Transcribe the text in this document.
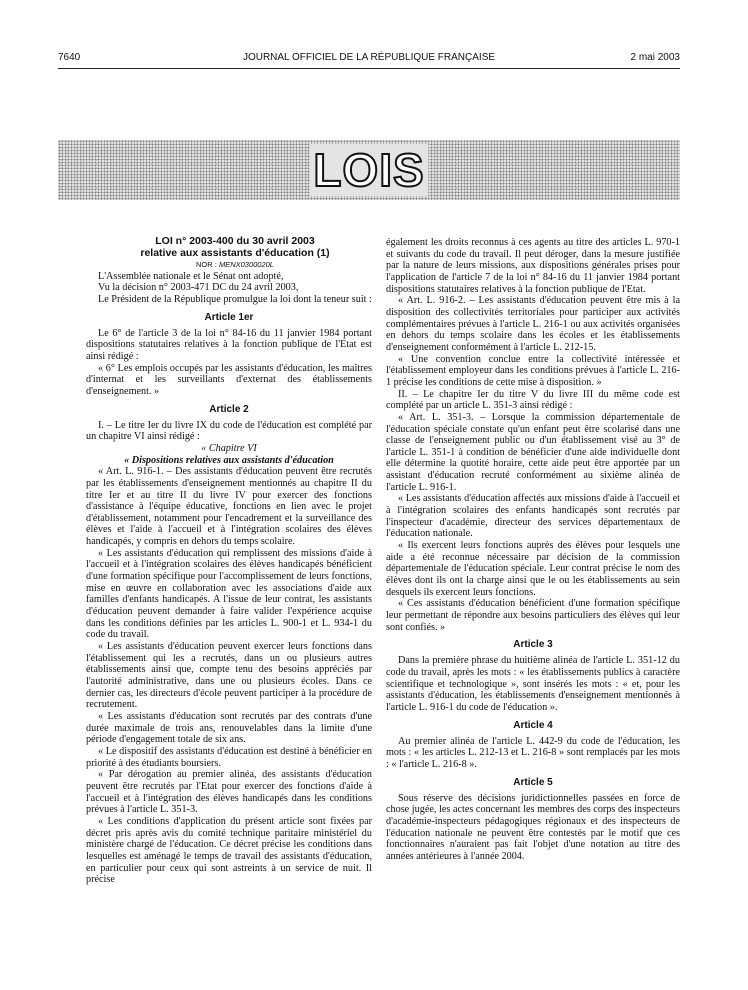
7640	JOURNAL OFFICIEL DE LA RÉPUBLIQUE FRANÇAISE	2 mai 2003
LOIS

LOI n° 2003-400 du 30 avril 2003

relative aux assistants d'éducation (1)

NOR : MENX0300020L

L'Assemblée nationale et le Sénat ont adopté,

Vu la décision n° 2003-471 DC du 24 avril 2003,

Le Président de la République promulgue la loi dont la teneur suit :

Article 1er

Le 6° de l'article 3 de la loi n° 84-16 du 11 janvier 1984 portant dispositions statutaires relatives à la fonction publique de l'Etat est ainsi rédigé :

« 6° Les emplois occupés par les assistants d'éducation, les maîtres d'internat et les surveillants d'externat des établissements d'enseignement. »

Article 2

I. – Le titre Ier du livre IX du code de l'éducation est complété par un chapitre VI ainsi rédigé :

« Chapitre VI

« Dispositions relatives aux assistants d'éducation

« Art. L. 916-1. – Des assistants d'éducation peuvent être recrutés par les établissements d'enseignement mentionnés au chapitre II du titre Ier et au titre II du livre IV pour exercer des fonctions d'assistance à l'équipe éducative, fonctions en lien avec le projet d'établissement, notamment pour l'encadrement et la surveillance des élèves et l'aide à l'accueil et à l'intégration scolaires des élèves handicapés, y compris en dehors du temps scolaire.

« Les assistants d'éducation qui remplissent des missions d'aide à l'accueil et à l'intégration scolaires des élèves handicapés bénéficient d'une formation spécifique pour l'accomplissement de leurs fonctions, mise en œuvre en collaboration avec les associations d'aide aux familles d'enfants handicapés. A l'issue de leur contrat, les assistants d'éducation peuvent demander à faire valider l'expérience acquise dans les conditions définies par les articles L. 900-1 et L. 934-1 du code du travail.

« Les assistants d'éducation peuvent exercer leurs fonctions dans l'établissement qui les a recrutés, dans un ou plusieurs autres établissements ainsi que, compte tenu des besoins appréciés par l'autorité administrative, dans une ou plusieurs écoles. Dans ce dernier cas, les directeurs d'école peuvent participer à la procédure de recrutement.

« Les assistants d'éducation sont recrutés par des contrats d'une durée maximale de trois ans, renouvelables dans la limite d'une période d'engagement totale de six ans.

« Le dispositif des assistants d'éducation est destiné à bénéficier en priorité à des étudiants boursiers.

« Par dérogation au premier alinéa, des assistants d'éducation peuvent être recrutés par l'Etat pour exercer des fonctions d'aide à l'accueil et à l'intégration des élèves handicapés dans les conditions prévues à l'article L. 351-3.

« Les conditions d'application du présent article sont fixées par décret pris après avis du comité technique paritaire ministériel du ministère chargé de l'éducation. Ce décret précise les conditions dans lesquelles est aménagé le temps de travail des assistants d'éducation, en particulier pour ceux qui sont astreints à un service de nuit. Il précise

également les droits reconnus à ces agents au titre des articles L. 970-1 et suivants du code du travail. Il peut déroger, dans la mesure justifiée par la nature de leurs missions, aux dispositions générales prises pour l'application de l'article 7 de la loi n° 84-16 du 11 janvier 1984 portant dispositions statutaires relatives à la fonction publique de l'Etat.

« Art. L. 916-2. – Les assistants d'éducation peuvent être mis à la disposition des collectivités territoriales pour participer aux activités complémentaires prévues à l'article L. 216-1 ou aux activités organisées en dehors du temps scolaire dans les écoles et les établissements d'enseignement conformément à l'article L. 212-15.

« Une convention conclue entre la collectivité intéressée et l'établissement employeur dans les conditions prévues à l'article L. 216-1 précise les conditions de cette mise à disposition. »

II. – Le chapitre Ier du titre V du livre III du même code est complété par un article L. 351-3 ainsi rédigé :

« Art. L. 351-3. – Lorsque la commission départementale de l'éducation spéciale constate qu'un enfant peut être scolarisé dans une classe de l'enseignement public ou d'un établissement visé au 3° de l'article L. 351-1 à condition de bénéficier d'une aide individuelle dont elle détermine la quotité horaire, cette aide peut être apportée par un assistant d'éducation recruté conformément au sixième alinéa de l'article L. 916-1.

« Les assistants d'éducation affectés aux missions d'aide à l'accueil et à l'intégration scolaires des enfants handicapés sont recrutés par l'inspecteur d'académie, directeur des services départementaux de l'éducation nationale.

« Ils exercent leurs fonctions auprès des élèves pour lesquels une aide a été reconnue nécessaire par décision de la commission départementale de l'éducation spéciale. Leur contrat précise le nom des élèves dont ils ont la charge ainsi que le ou les établissements au sein desquels ils exercent leurs fonctions.

« Ces assistants d'éducation bénéficient d'une formation spécifique leur permettant de répondre aux besoins particuliers des élèves qui leur sont confiés. »

Article 3

Dans la première phrase du huitième alinéa de l'article L. 351-12 du code du travail, après les mots : « les établissements publics à caractère scientifique et technologique », sont insérés les mots : « et, pour les assistants d'éducation, les établissements d'enseignement mentionnés à l'article L. 916-1 du code de l'éducation ».

Article 4

Au premier alinéa de l'article L. 442-9 du code de l'éducation, les mots : « les articles L. 212-13 et L. 216-8 » sont remplacés par les mots : « l'article L. 216-8 ».

Article 5

Sous réserve des décisions juridictionnelles passées en force de chose jugée, les actes concernant les membres des corps des inspecteurs d'académie-inspecteurs pédagogiques régionaux et des inspecteurs de l'éducation nationale ne peuvent être contestés par le motif que ces fonctionnaires n'auraient pas fait l'objet d'une notation au titre des années antérieures à l'année 2004.
